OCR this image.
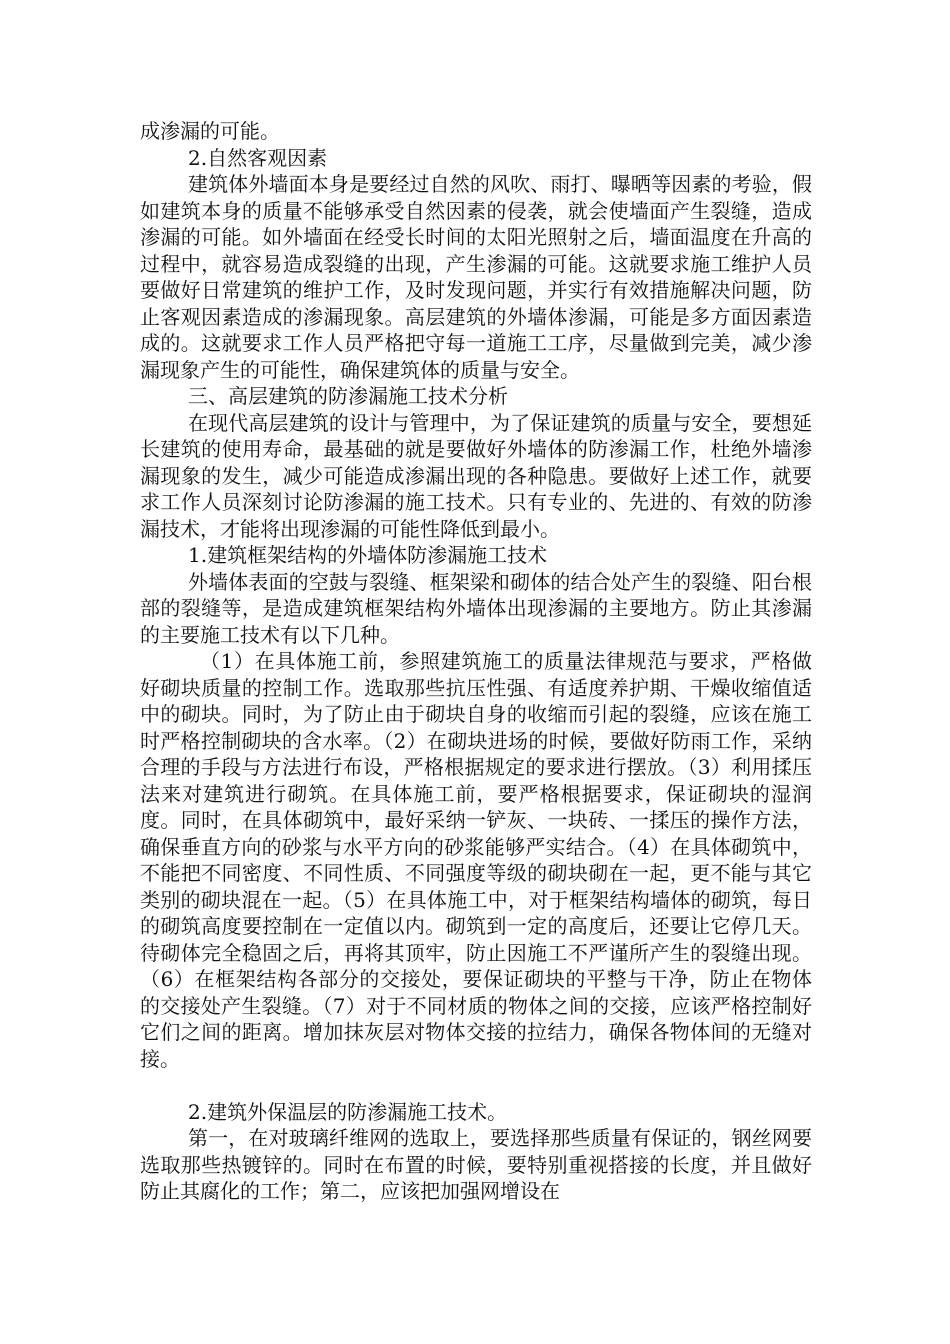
成渗漏的可能。

2.自然客观因素

建筑体外墙面本身是要经过自然的风吹、雨打、曝晒等因素的考验，假如建筑本身的质量不能够承受自然因素的侵袭，就会使墙面产生裂缝，造成渗漏的可能。如外墙面在经受长时间的太阳光照射之后，墙面温度在升高的过程中，就容易造成裂缝的出现，产生渗漏的可能。这就要求施工维护人员要做好日常建筑的维护工作，及时发现问题，并实行有效措施解决问题，防止客观因素造成的渗漏现象。高层建筑的外墙体渗漏，可能是多方面因素造成的。这就要求工作人员严格把守每一道施工工序，尽量做到完美，减少渗漏现象产生的可能性，确保建筑体的质量与安全。

三、高层建筑的防渗漏施工技术分析

在现代高层建筑的设计与管理中，为了保证建筑的质量与安全，要想延长建筑的使用寿命，最基础的就是要做好外墙体的防渗漏工作，杜绝外墙渗漏现象的发生，减少可能造成渗漏出现的各种隐患。要做好上述工作，就要求工作人员深刻讨论防渗漏的施工技术。只有专业的、先进的、有效的防渗漏技术，才能将出现渗漏的可能性降低到最小。

1.建筑框架结构的外墙体防渗漏施工技术

外墙体表面的空鼓与裂缝、框架梁和砌体的结合处产生的裂缝、阳台根部的裂缝等，是造成建筑框架结构外墙体出现渗漏的主要地方。防止其渗漏的主要施工技术有以下几种。

（1）在具体施工前，参照建筑施工的质量法律规范与要求，严格做好砌块质量的控制工作。选取那些抗压性强、有适度养护期、干燥收缩值适中的砌块。同时，为了防止由于砌块自身的收缩而引起的裂缝，应该在施工时严格控制砌块的含水率。（2）在砌块进场的时候，要做好防雨工作，采纳合理的手段与方法进行布设，严格根据规定的要求进行摆放。（3）利用揉压法来对建筑进行砌筑。在具体施工前，要严格根据要求，保证砌块的湿润度。同时，在具体砌筑中，最好采纳一铲灰、一块砖、一揉压的操作方法，确保垂直方向的砂浆与水平方向的砂浆能够严实结合。（4）在具体砌筑中，不能把不同密度、不同性质、不同强度等级的砌块砌在一起，更不能与其它类别的砌块混在一起。（5）在具体施工中，对于框架结构墙体的砌筑，每日的砌筑高度要控制在一定值以内。砌筑到一定的高度后，还要让它停几天。待砌体完全稳固之后，再将其顶牢，防止因施工不严谨所产生的裂缝出现。（6）在框架结构各部分的交接处，要保证砌块的平整与干净，防止在物体的交接处产生裂缝。（7）对于不同材质的物体之间的交接，应该严格控制好它们之间的距离。增加抹灰层对物体交接的拉结力，确保各物体间的无缝对接。

2.建筑外保温层的防渗漏施工技术。

第一，在对玻璃纤维网的选取上，要选择那些质量有保证的，钢丝网要选取那些热镀锌的。同时在布置的时候，要特别重视搭接的长度，并且做好防止其腐化的工作；第二，应该把加强网增设在
